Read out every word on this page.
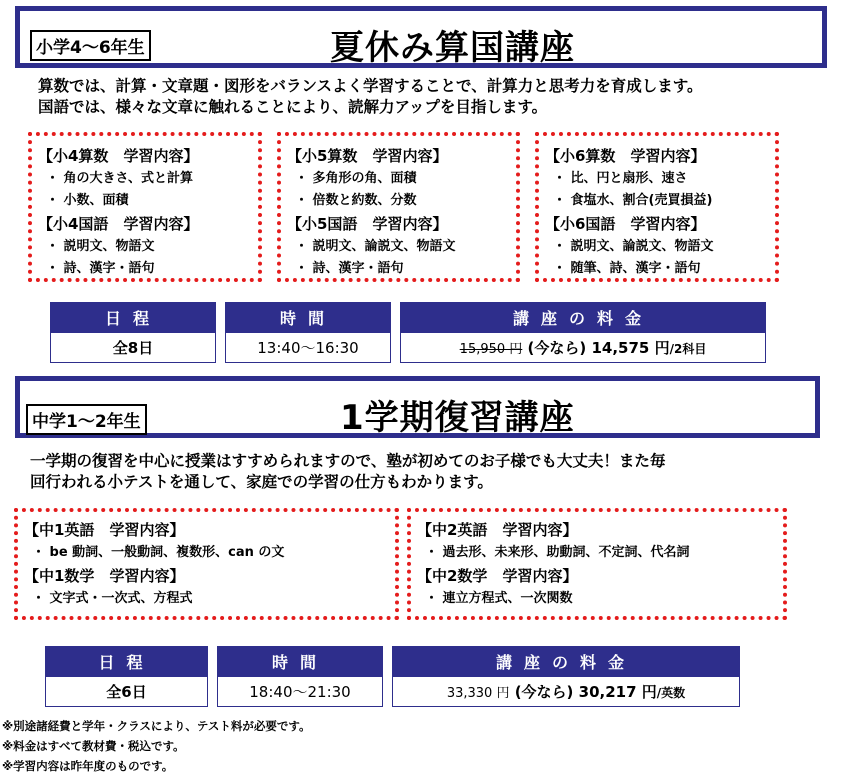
小学4〜6年生	夏休み算国講座
算数では、計算・文章題・図形をバランスよく学習することで、計算力と思考力を育成します。
国語では、様々な文章に触れることにより、読解力アップを目指します。
【小4算数　学習内容】
・ 角の大きさ、式と計算
・ 小数、面積
【小4国語　学習内容】
・ 説明文、物語文
・ 詩、漢字・語句
【小5算数　学習内容】
・ 多角形の角、面積
・ 倍数と約数、分数
【小5国語　学習内容】
・ 説明文、論説文、物語文
・ 詩、漢字・語句
【小6算数　学習内容】
・ 比、円と扇形、速さ
・ 食塩水、割合(売買損益)
【小6国語　学習内容】
・ 説明文、論説文、物語文
・ 随筆、詩、漢字・語句
日程		時間		講座の料金
全8日		13:40〜16:30		15,950 円 (今なら) 14,575 円/2科目
中学1〜2年生	1学期復習講座
一学期の復習を中心に授業はすすめられますので、塾が初めてのお子様でも大丈夫！また毎
回行われる小テストを通して、家庭での学習の仕方もわかります。
【中1英語　学習内容】
・ be 動詞、一般動詞、複数形、can の文
【中1数学　学習内容】
・ 文字式・一次式、方程式
【中2英語　学習内容】
・ 過去形、未来形、助動詞、不定詞、代名詞
【中2数学　学習内容】
・ 連立方程式、一次関数
日程		時間		講座の料金
全6日		18:40〜21:30		33,330 円 (今なら) 30,217 円/英数
※別途諸経費と学年・クラスにより、テスト料が必要です。
※料金はすべて教材費・税込です。
※学習内容は昨年度のものです。
